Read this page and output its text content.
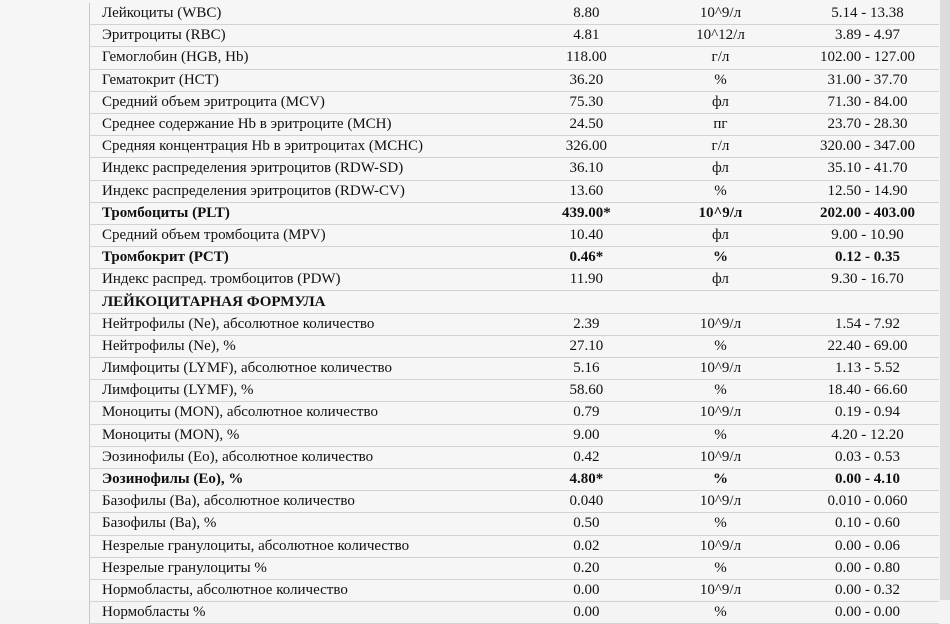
Лейкоциты (WBC)	8.80	10^9/л	5.14 - 13.38
Эритроциты (RBC)	4.81	10^12/л	3.89 - 4.97
Гемоглобин (HGB, Hb)	118.00	г/л	102.00 - 127.00
Гематокрит (HCT)	36.20	%	31.00 - 37.70
Средний объем эритроцита (MCV)	75.30	фл	71.30 - 84.00
Среднее содержание Hb в эритроците (MCH)	24.50	пг	23.70 - 28.30
Средняя концентрация Hb в эритроцитах (MCHC)	326.00	г/л	320.00 - 347.00
Индекс распределения эритроцитов (RDW-SD)	36.10	фл	35.10 - 41.70
Индекс распределения эритроцитов (RDW-CV)	13.60	%	12.50 - 14.90
Тромбоциты (PLT)	439.00*	10^9/л	202.00 - 403.00
Средний объем тромбоцита (MPV)	10.40	фл	9.00 - 10.90
Тромбокрит (PCT)	0.46*	%	0.12 - 0.35
Индекс распред. тромбоцитов (PDW)	11.90	фл	9.30 - 16.70
ЛЕЙКОЦИТАРНАЯ ФОРМУЛА			
Нейтрофилы (Ne), абсолютное количество	2.39	10^9/л	1.54 - 7.92
Нейтрофилы (Ne), %	27.10	%	22.40 - 69.00
Лимфоциты (LYMF), абсолютное количество	5.16	10^9/л	1.13 - 5.52
Лимфоциты (LYMF), %	58.60	%	18.40 - 66.60
Моноциты (MON), абсолютное количество	0.79	10^9/л	0.19 - 0.94
Моноциты (MON), %	9.00	%	4.20 - 12.20
Эозинофилы (Eo), абсолютное количество	0.42	10^9/л	0.03 - 0.53
Эозинофилы (Eo), %	4.80*	%	0.00 - 4.10
Базофилы (Ba), абсолютное количество	0.040	10^9/л	0.010 - 0.060
Базофилы (Ba), %	0.50	%	0.10 - 0.60
Незрелые гранулоциты, абсолютное количество	0.02	10^9/л	0.00 - 0.06
Незрелые гранулоциты %	0.20	%	0.00 - 0.80
Нормобласты, абсолютное количество	0.00	10^9/л	0.00 - 0.32
Нормобласты %	0.00	%	0.00 - 0.00
